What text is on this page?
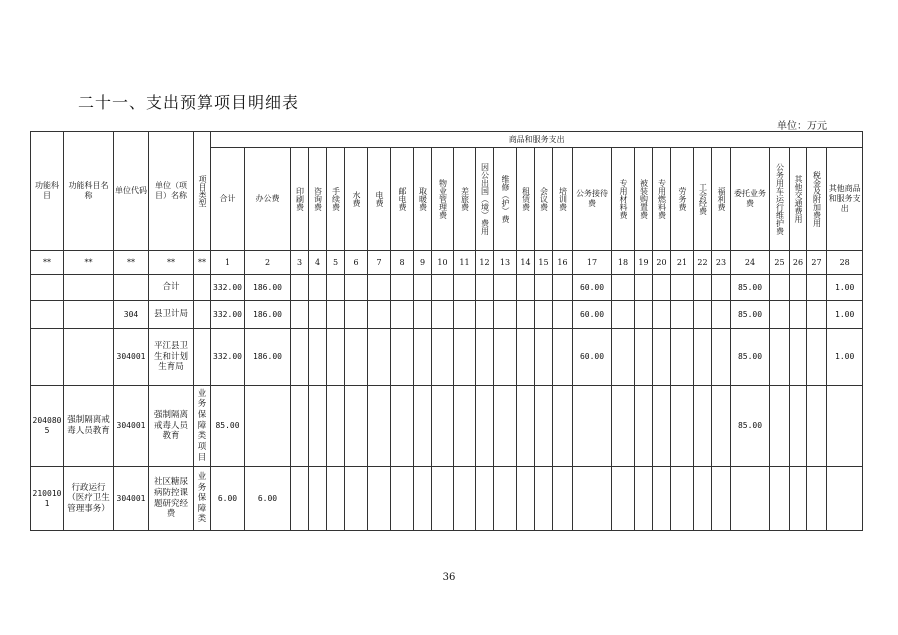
二十一、支出预算项目明细表
单位：万元
功能科目	功能科目名称	单位代码	单位（项目）名称	项目类型	商品和服务支出																											
					合计	办公费	印刷费	咨询费	手续费	水费	电费	邮电费	取暖费	物业管理费	差旅费	因公出国（境）费用	维修（护）费	租赁费	会议费	培训费	公务接待费	专用材料费	被装购置费	专用燃料费	劳务费	工会经费	福利费	委托业务费	公务用车运行维护费	其他交通费用	税金及附加费用	其他商品和服务支出
**	**	**	**	**	1	2	3	4	5	6	7	8	9	10	11	12	13	14	15	16	17	18	19	20	21	22	23	24	25	26	27	28
			合计		332.00	186.00															60.00							85.00				1.00
		304	县卫计局		332.00	186.00															60.00							85.00				1.00
		304001	平江县卫生和计划生育局		332.00	186.00															60.00							85.00				1.00
2040805	强制隔离戒毒人员教育	304001	强制隔离戒毒人员教育	业务保障类项目	85.00																							85.00				
2100101	行政运行（医疗卫生管理事务）	304001	社区糖尿病防控课题研究经费	业务保障类	6.00	6.00																										
36
